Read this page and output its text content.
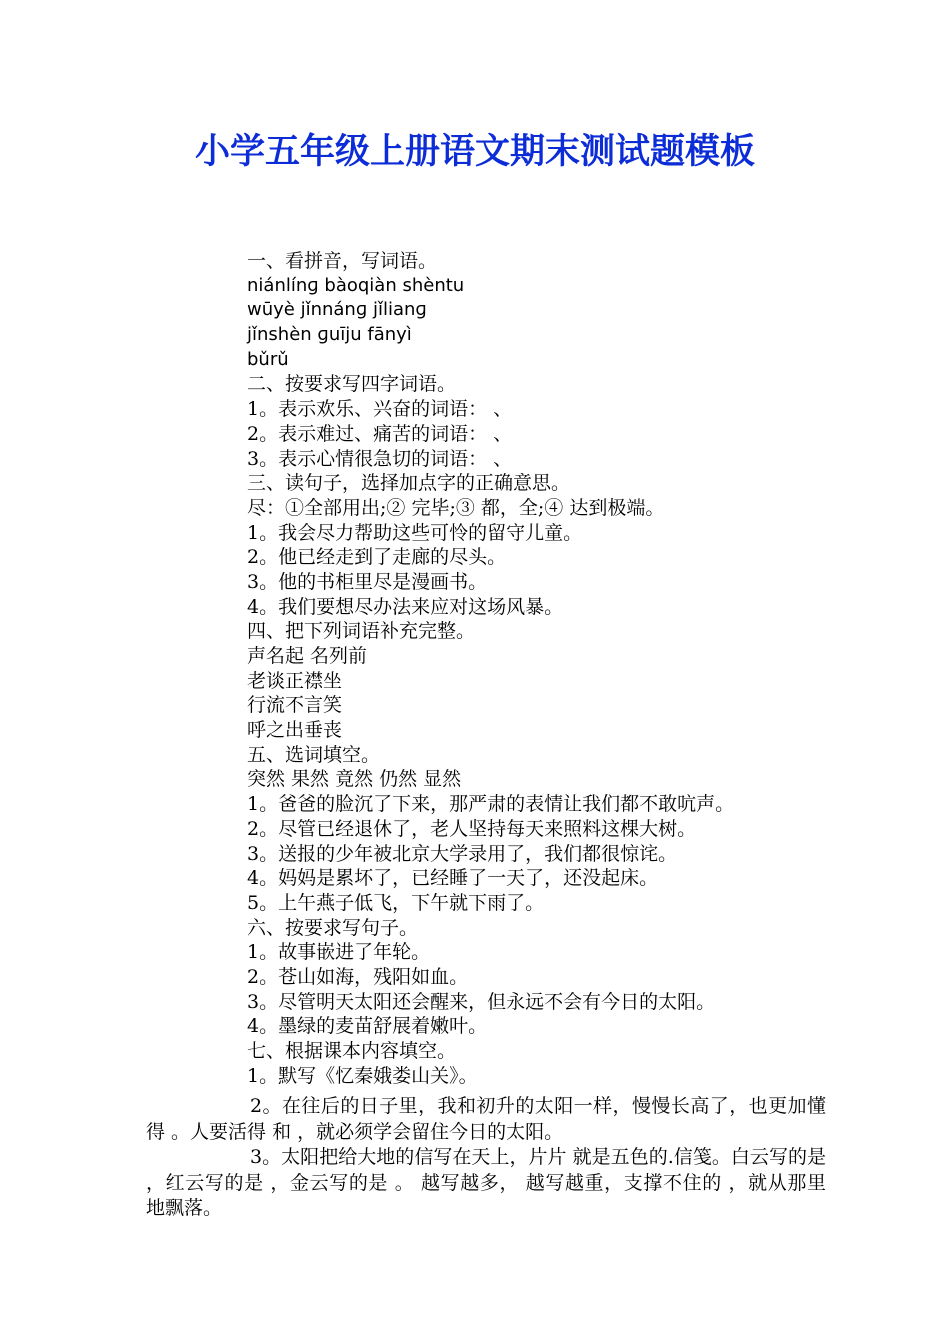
小学五年级上册语文期末测试题模板
一、看拼音，写词语。
niánlínɡ bàoqiàn shèntu
wūyè jǐnnánɡ jǐlianɡ
jǐnshèn ɡuīju fānyì
bǔrǔ
二、按要求写四字词语。
1。表示欢乐、兴奋的词语： 、
2。表示难过、痛苦的词语： 、
3。表示心情很急切的词语： 、
三、读句子，选择加点字的正确意思。
尽：①全部用出;② 完毕;③ 都，全;④ 达到极端。
1。我会尽力帮助这些可怜的留守儿童。
2。他已经走到了走廊的尽头。
3。他的书柜里尽是漫画书。
4。我们要想尽办法来应对这场风暴。
四、把下列词语补充完整。
声名起 名列前
老谈正襟坐
行流不言笑
呼之出垂丧
五、选词填空。
突然 果然 竟然 仍然 显然
1。爸爸的脸沉了下来，那严肃的表情让我们都不敢吭声。
2。尽管已经退休了，老人坚持每天来照料这棵大树。
3。送报的少年被北京大学录用了，我们都很惊诧。
4。妈妈是累坏了，已经睡了一天了，还没起床。
5。上午燕子低飞，下午就下雨了。
六、按要求写句子。
1。故事嵌进了年轮。
2。苍山如海，残阳如血。
3。尽管明天太阳还会醒来，但永远不会有今日的太阳。
4。墨绿的麦苗舒展着嫩叶。
七、根据课本内容填空。
1。默写《忆秦娥娄山关》。
2。在往后的日子里，我和初升的太阳一样，慢慢长高了，也更加懂得 。人要活得 和 ，就必须学会留住今日的太阳。
3。太阳把给大地的信写在天上，片片 就是五色的.信笺。白云写的是 ，红云写的是 ，金云写的是 。 越写越多， 越写越重，支撑不住的 ，就从那里 地飘落。
